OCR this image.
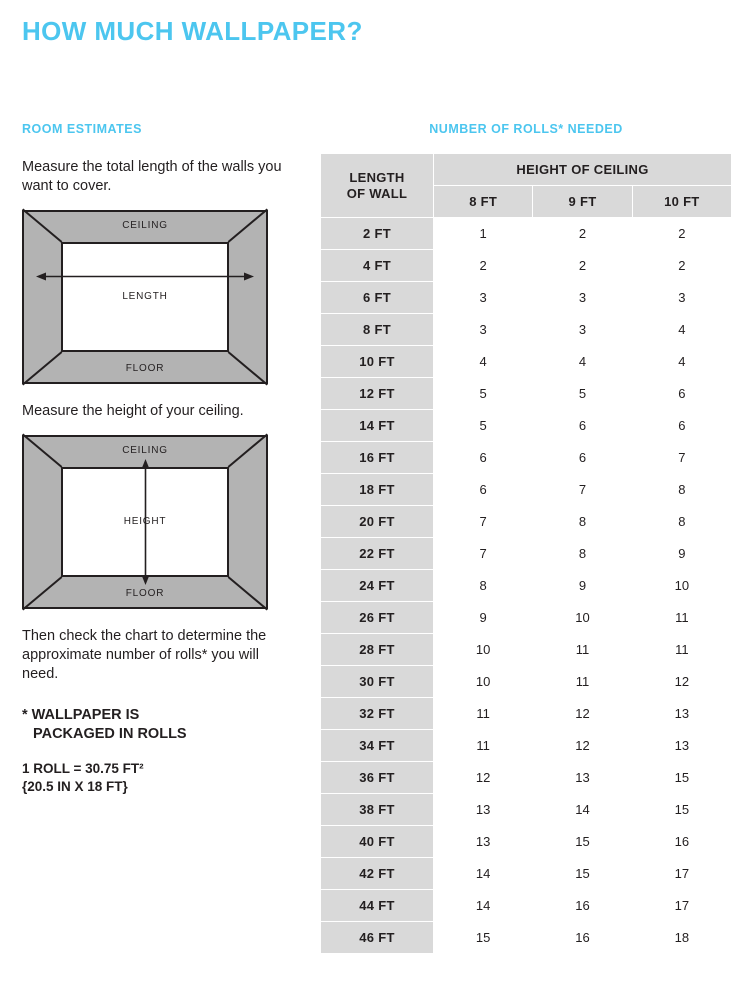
HOW MUCH WALLPAPER?
ROOM ESTIMATES

Measure the total length of the walls you want to cover.

CEILING
FLOOR
LENGTH

Measure the height of your ceiling.

CEILING
FLOOR
HEIGHT

Then check the chart to determine the approximate number of rolls* you will need.

* WALLPAPER IS
PACKAGED IN ROLLS
1 ROLL = 30.75 FT²
{20.5 IN X 18 FT}
NUMBER OF ROLLS* NEEDED
LENGTH
OF WALL	HEIGHT OF CEILING		
	8 FT	9 FT	10 FT
2 FT	1	2	2
4 FT	2	2	2
6 FT	3	3	3
8 FT	3	3	4
10 FT	4	4	4
12 FT	5	5	6
14 FT	5	6	6
16 FT	6	6	7
18 FT	6	7	8
20 FT	7	8	8
22 FT	7	8	9
24 FT	8	9	10
26 FT	9	10	11
28 FT	10	11	11
30 FT	10	11	12
32 FT	11	12	13
34 FT	11	12	13
36 FT	12	13	15
38 FT	13	14	15
40 FT	13	15	16
42 FT	14	15	17
44 FT	14	16	17
46 FT	15	16	18
